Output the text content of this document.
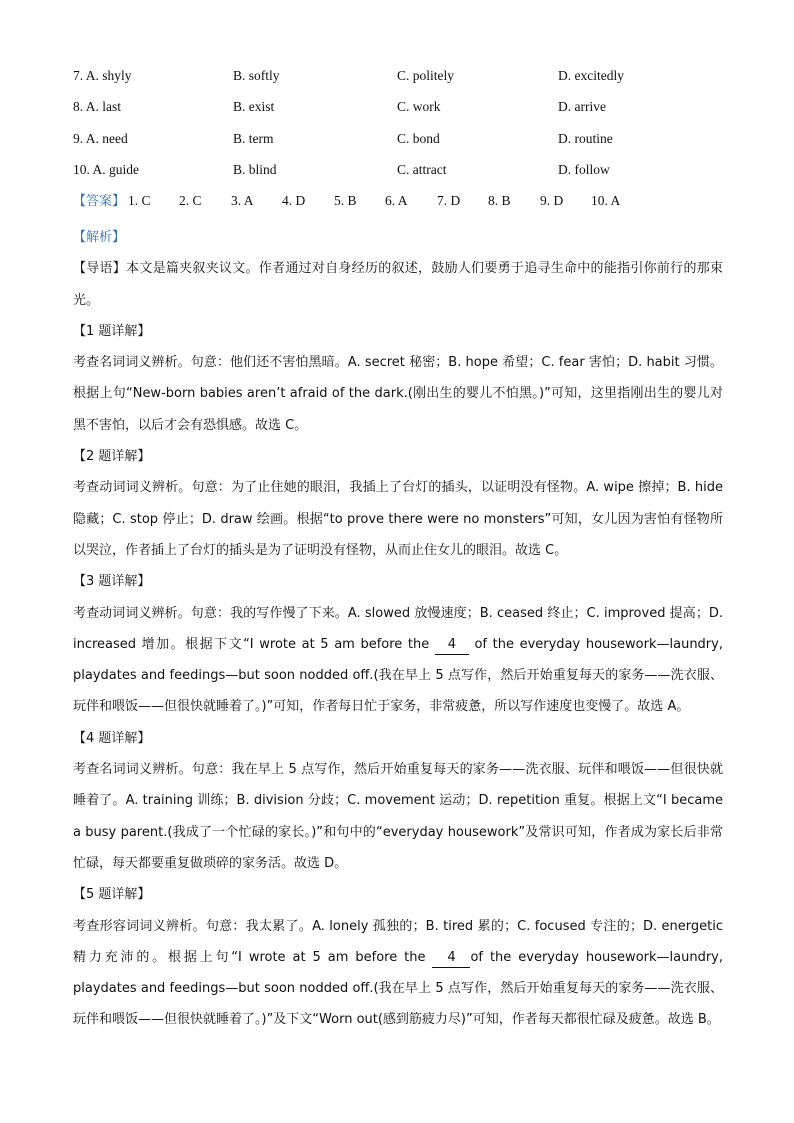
7. A. shyly	B. softly	C. politely	D. excitedly
8. A. last	B. exist	C. work	D. arrive
9. A. need	B. term	C. bond	D. routine
10. A. guide	B. blind	C. attract	D. follow
【答案】 1. C 2. C 3. A 4. D 5. B 6. A 7. D 8. B 9. D 10. A

【解析】

【导语】本文是篇夹叙夹议文。作者通过对自身经历的叙述，鼓励人们要勇于追寻生命中的能指引你前行的那束光。

【1 题详解】

考查名词词义辨析。句意：他们还不害怕黑暗。A. secret 秘密；B. hope 希望；C. fear 害怕；D. habit 习惯。根据上句“New-born babies aren’t afraid of the dark.(刚出生的婴儿不怕黑。)”可知，这里指刚出生的婴儿对黑不害怕，以后才会有恐惧感。故选 C。

【2 题详解】

考查动词词义辨析。句意：为了止住她的眼泪，我插上了台灯的插头，以证明没有怪物。A. wipe 擦掉；B. hide 隐藏；C. stop 停止；D. draw 绘画。根据“to prove there were no monsters”可知，女儿因为害怕有怪物所以哭泣，作者插上了台灯的插头是为了证明没有怪物，从而止住女儿的眼泪。故选 C。

【3 题详解】

考查动词词义辨析。句意：我的写作慢了下来。A. slowed 放慢速度；B. ceased 终止；C. improved 提高；D. increased 增加。根据下文“I wrote at 5 am before the 4 of the everyday housework—laundry, playdates and feedings—but soon nodded off.(我在早上 5 点写作，然后开始重复每天的家务——洗衣服、玩伴和喂饭——但很快就睡着了。)”可知，作者每日忙于家务，非常疲惫，所以写作速度也变慢了。故选 A。

【4 题详解】

考查名词词义辨析。句意：我在早上 5 点写作，然后开始重复每天的家务——洗衣服、玩伴和喂饭——但很快就睡着了。A. training 训练；B. division 分歧；C. movement 运动；D. repetition 重复。根据上文“I became a busy parent.(我成了一个忙碌的家长。)”和句中的“everyday housework”及常识可知，作者成为家长后非常忙碌，每天都要重复做琐碎的家务活。故选 D。

【5 题详解】

考查形容词词义辨析。句意：我太累了。A. lonely 孤独的；B. tired 累的；C. focused 专注的；D. energetic 精力充沛的。根据上句“I wrote at 5 am before the 4 of the everyday housework—laundry, playdates and feedings—but soon nodded off.(我在早上 5 点写作，然后开始重复每天的家务——洗衣服、玩伴和喂饭——但很快就睡着了。)”及下文“Worn out(感到筋疲力尽)”可知，作者每天都很忙碌及疲惫。故选 B。
